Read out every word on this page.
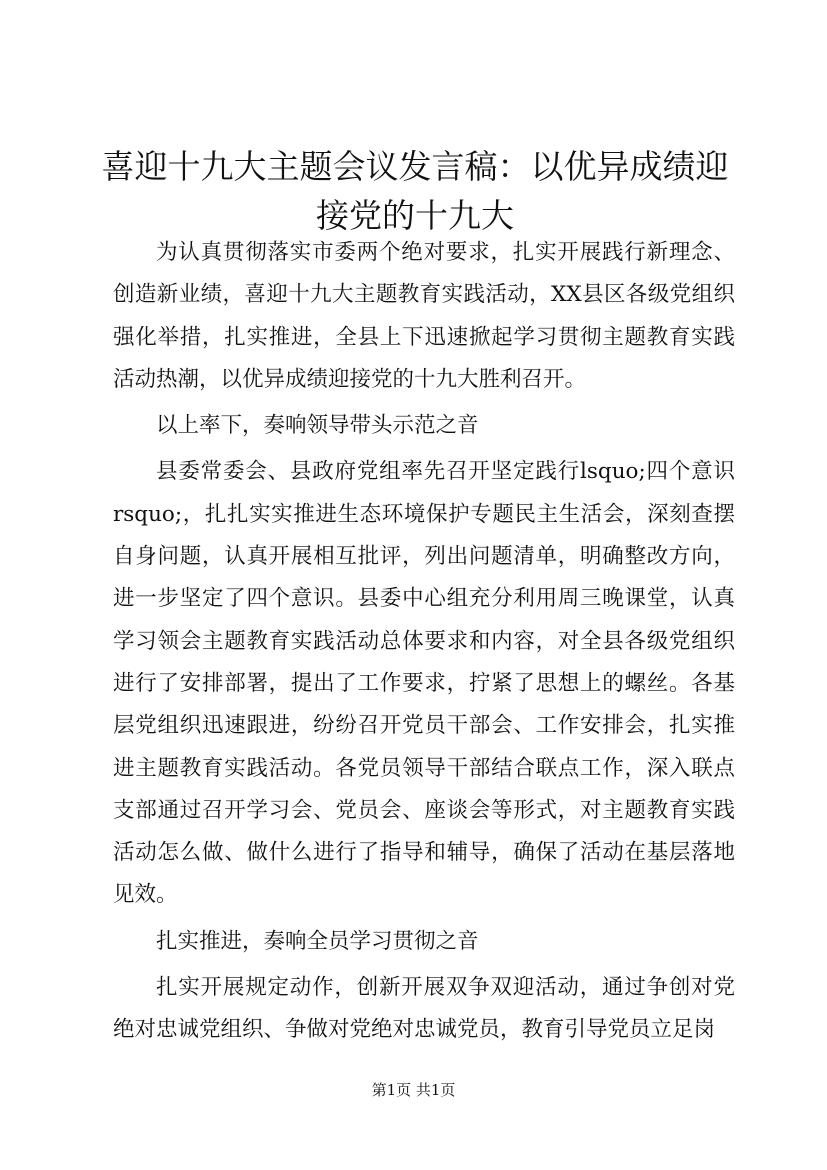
喜迎十九大主题会议发言稿：以优异成绩迎接党的十九大

为认真贯彻落实市委两个绝对要求，扎实开展践行新理念、创造新业绩，喜迎十九大主题教育实践活动，XX县区各级党组织强化举措，扎实推进，全县上下迅速掀起学习贯彻主题教育实践活动热潮，以优异成绩迎接党的十九大胜利召开。

以上率下，奏响领导带头示范之音

县委常委会、县政府党组率先召开坚定践行lsquo;四个意识rsquo;，扎扎实实推进生态环境保护专题民主生活会，深刻查摆自身问题，认真开展相互批评，列出问题清单，明确整改方向，进一步坚定了四个意识。县委中心组充分利用周三晚课堂，认真学习领会主题教育实践活动总体要求和内容，对全县各级党组织进行了安排部署，提出了工作要求，拧紧了思想上的螺丝。各基层党组织迅速跟进，纷纷召开党员干部会、工作安排会，扎实推进主题教育实践活动。各党员领导干部结合联点工作，深入联点支部通过召开学习会、党员会、座谈会等形式，对主题教育实践活动怎么做、做什么进行了指导和辅导，确保了活动在基层落地见效。

扎实推进，奏响全员学习贯彻之音

扎实开展规定动作，创新开展双争双迎活动，通过争创对党绝对忠诚党组织、争做对党绝对忠诚党员，教育引导党员立足岗

第1页 共1页
